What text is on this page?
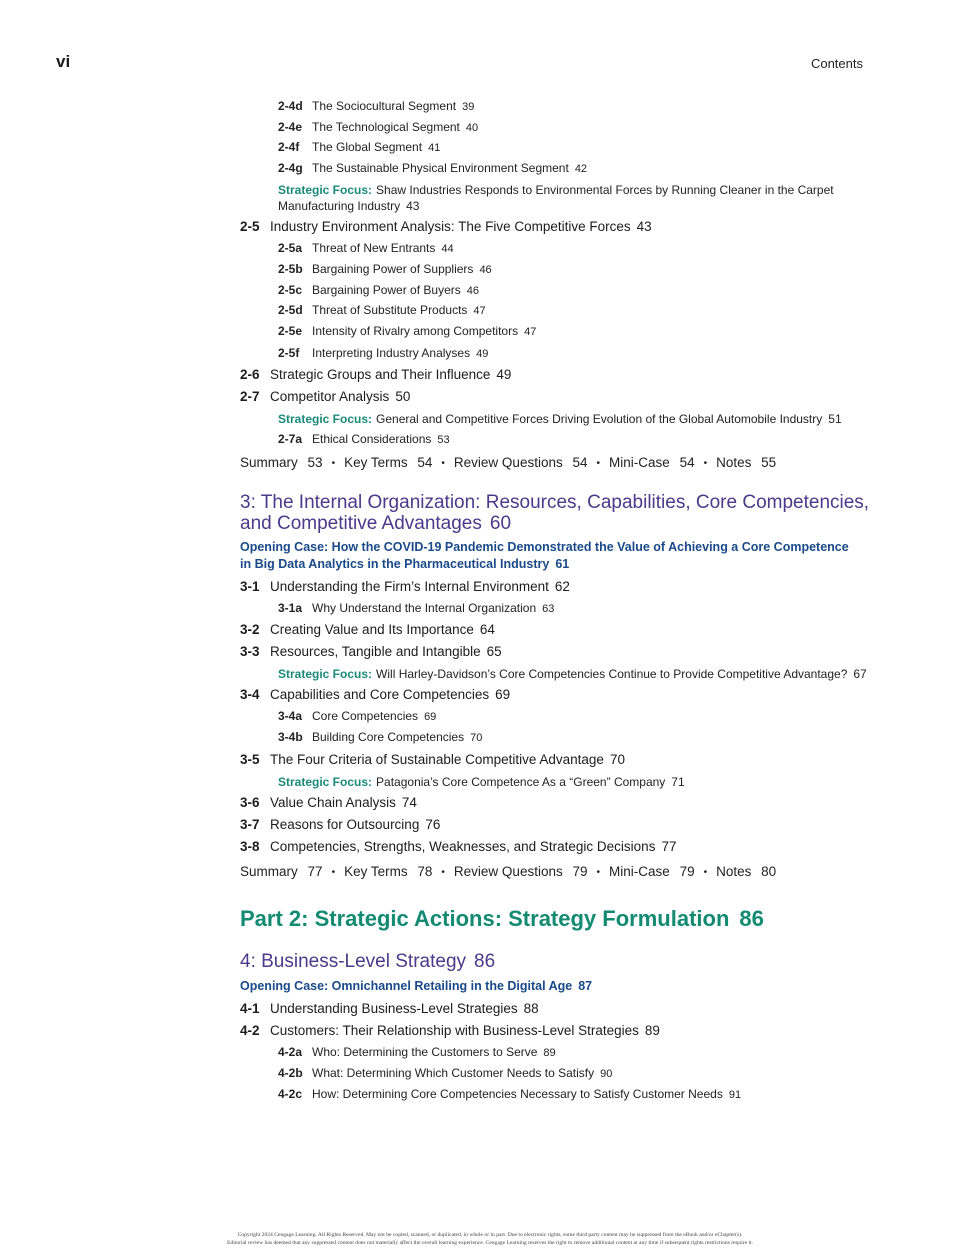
vi	Contents
2-4d The Sociocultural Segment 39
2-4e The Technological Segment 40
2-4f The Global Segment 41
2-4g The Sustainable Physical Environment Segment 42
Strategic Focus: Shaw Industries Responds to Environmental Forces by Running Cleaner in the Carpet Manufacturing Industry 43
2-5 Industry Environment Analysis: The Five Competitive Forces 43
2-5a Threat of New Entrants 44
2-5b Bargaining Power of Suppliers 46
2-5c Bargaining Power of Buyers 46
2-5d Threat of Substitute Products 47
2-5e Intensity of Rivalry among Competitors 47
2-5f Interpreting Industry Analyses 49
2-6 Strategic Groups and Their Influence 49
2-7 Competitor Analysis 50
Strategic Focus: General and Competitive Forces Driving Evolution of the Global Automobile Industry 51
2-7a Ethical Considerations 53
Summary 53 • Key Terms 54 • Review Questions 54 • Mini-Case 54 • Notes 55
3: The Internal Organization: Resources, Capabilities, Core Competencies, and Competitive Advantages 60
Opening Case: How the COVID-19 Pandemic Demonstrated the Value of Achieving a Core Competence in Big Data Analytics in the Pharmaceutical Industry 61
3-1 Understanding the Firm’s Internal Environment 62
3-1a Why Understand the Internal Organization 63
3-2 Creating Value and Its Importance 64
3-3 Resources, Tangible and Intangible 65
Strategic Focus: Will Harley-Davidson’s Core Competencies Continue to Provide Competitive Advantage? 67
3-4 Capabilities and Core Competencies 69
3-4a Core Competencies 69
3-4b Building Core Competencies 70
3-5 The Four Criteria of Sustainable Competitive Advantage 70
Strategic Focus: Patagonia’s Core Competence As a “Green” Company 71
3-6 Value Chain Analysis 74
3-7 Reasons for Outsourcing 76
3-8 Competencies, Strengths, Weaknesses, and Strategic Decisions 77
Summary 77 • Key Terms 78 • Review Questions 79 • Mini-Case 79 • Notes 80
Part 2: Strategic Actions: Strategy Formulation 86
4: Business-Level Strategy 86
Opening Case: Omnichannel Retailing in the Digital Age 87
4-1 Understanding Business-Level Strategies 88
4-2 Customers: Their Relationship with Business-Level Strategies 89
4-2a Who: Determining the Customers to Serve 89
4-2b What: Determining Which Customer Needs to Satisfy 90
4-2c How: Determining Core Competencies Necessary to Satisfy Customer Needs 91
Copyright 2024 Cengage Learning. All Rights Reserved. May not be copied, scanned, or duplicated, in whole or in part. Due to electronic rights, some third party content may be suppressed from the eBook and/or eChapter(s).
Editorial review has deemed that any suppressed content does not materially affect the overall learning experience. Cengage Learning reserves the right to remove additional content at any time if subsequent rights restrictions require it.
